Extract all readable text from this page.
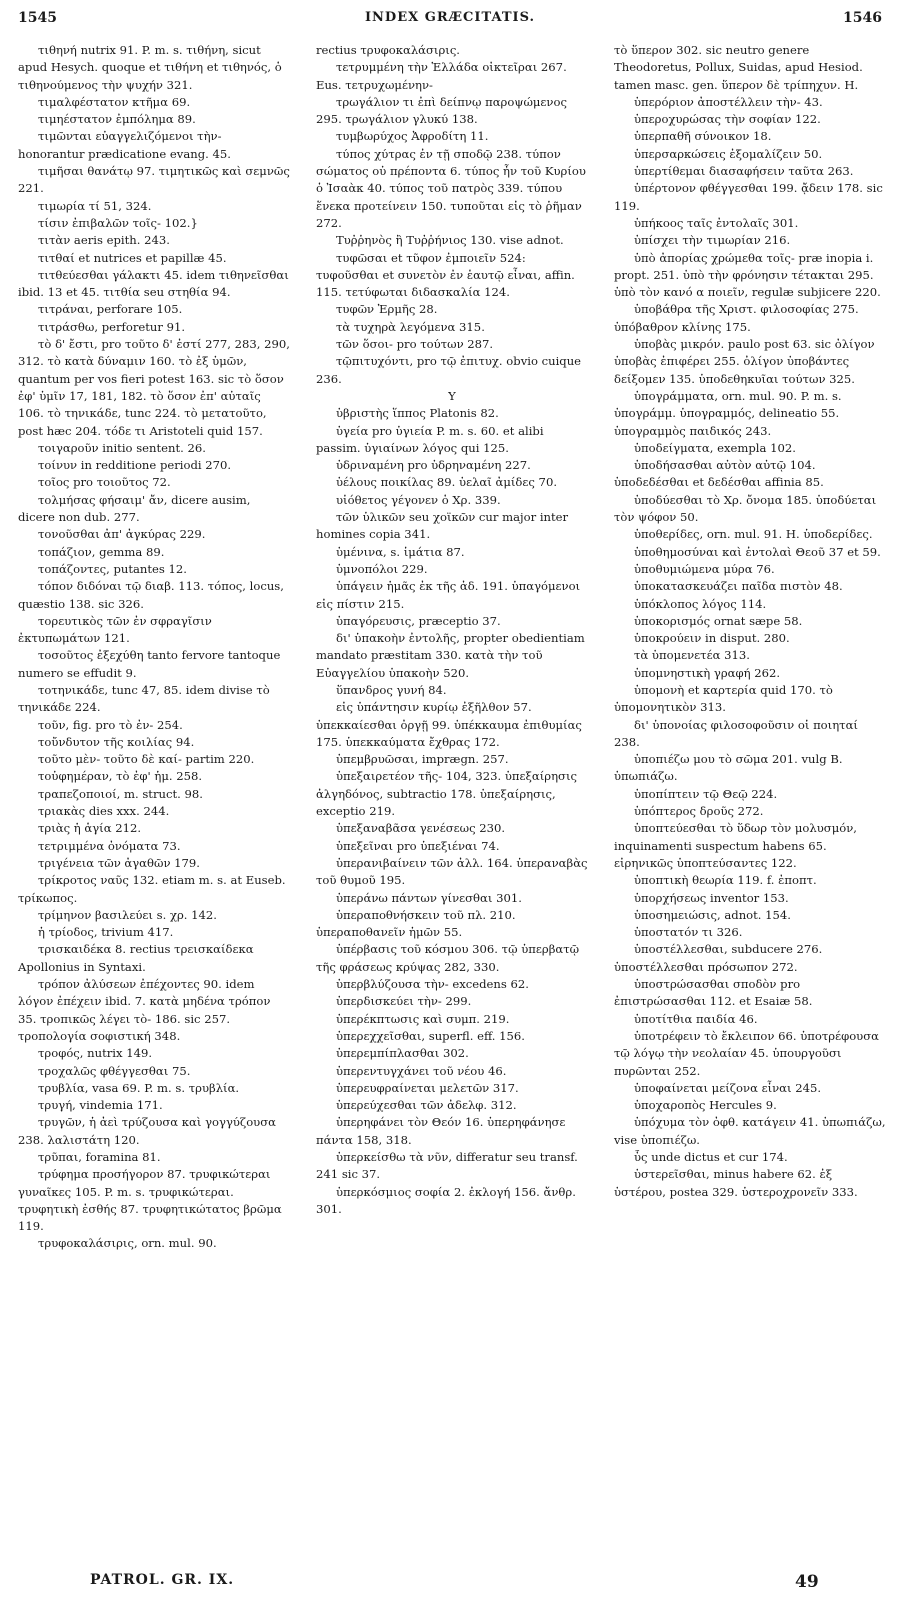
1545	INDEX GRÆCITATIS.	1546

τιθηνή nutrix 91. P. m. s. τιθήνη, sicut apud Hesych. quoque et τιθήνη et τιθηνός, ὁ τιθηνούμενος τὴν ψυχήν 321.

τιμαλφέστατον κτῆμα 69.

τιμηέστατον ἐμπόλημα 89.

τιμῶνται εὐαγγελιζόμενοι τὴν- honorantur prædicatione evang. 45.

τιμῆσαι θανάτῳ 97. τιμητικῶς καὶ σεμνῶς 221.

τιμωρία τί 51, 324.

τίσιν ἐπιβαλῶν τοῖς- 102.}

τιτὰν aeris epith. 243.

τιτθαί et nutrices et papillæ 45.

τιτθεύεσθαι γάλακτι 45. idem τιθηνεῖσθαι ibid. 13 et 45. τιτθία seu στηθία 94.

τιτράναι, perforare 105.

τιτράσθω, perforetur 91.

τὸ δ' ἔστι, pro τοῦτο δ' ἐστί 277, 283, 290, 312. τὸ κατὰ δύναμιν 160. τὸ ἐξ ὑμῶν, quantum per vos fieri potest 163. sic τὸ ὅσον ἐφ' ὑμῖν 17, 181, 182. τὸ ὅσον ἐπ' αὐταῖς 106. τὸ τηνικάδε, tunc 224. τὸ μετατοῦτο, post hæc 204. τόδε τι Aristoteli quid 157.

τοιγαροῦν initio sentent. 26.

τοίνυν in redditione periodi 270.

τοῖος pro τοιοῦτος 72.

τολμήσας φήσαιμ' ἄν, dicere ausim, dicere non dub. 277.

τονοῦσθαι ἀπ' ἀγκύρας 229.

τοπάζιον, gemma 89.

τοπάζοντες, putantes 12.

τόπον διδόναι τῷ διαβ. 113. τόπος, locus, quæstio 138. sic 326.

τορευτικὸς τῶν ἐν σφραγῖσιν ἐκτυπωμάτων 121.

τοσοῦτος ἐξεχύθη tanto fervore tantoque numero se effudit 9.

τοτηνικάδε, tunc 47, 85. idem divise τὸ τηνικάδε 224.

τοῦν, fig. pro τὸ ἐν- 254.

τοὔνδυτον τῆς κοιλίας 94.

τοῦτο μὲν- τοῦτο δὲ καί- partim 220.

τοὐφημέραν, τὸ ἐφ' ἡμ. 258.

τραπεζοποιοί, m. struct. 98.

τριακὰς dies xxx. 244.

τριὰς ἡ ἁγία 212.

τετριμμένα ὀνόματα 73.

τριγένεια τῶν ἀγαθῶν 179.

τρίκροτος ναῦς 132. etiam m. s. at Euseb. τρίκωπος.

τρίμηνον βασιλεύει s. χρ. 142.

ἡ τρίοδος, trivium 417.

τρισκαιδέκα 8. rectius τρεισκαίδεκα Apollonius in Syntaxi.

τρόπον ἀλύσεων ἐπέχοντες 90. idem λόγον ἐπέχειν ibid. 7. κατὰ μηδένα τρόπον 35. τροπικῶς λέγει τὸ- 186. sic 257. τροπολογία σοφιστική 348.

τροφός, nutrix 149.

τροχαλῶς φθέγγεσθαι 75.

τρυβλία, vasa 69. P. m. s. τρυβλία.

τρυγή, vindemia 171.

τρυγῶν, ἡ ἀεὶ τρύζουσα καὶ γογγύζουσα 238. λαλιστάτη 120.

τρῦπαι, foramina 81.

τρύφημα προσήγορον 87. τρυφικώτεραι γυναῖκες 105. P. m. s. τρυφικώτεραι. τρυφητικὴ ἐσθής 87. τρυφητικώτατος βρῶμα 119.

τρυφοκαλάσιρις, orn. mul. 90.

rectius τρυφοκαλάσιρις.

τετρυμμένη τὴν Ἑλλάδα οἰκτεῖραι 267. Eus. τετρυχωμένην-

τρωγάλιον τι ἐπὶ δείπνῳ παροψώμενος 295. τρωγάλιον γλυκύ 138.

τυμβωρύχος Ἀφροδίτη 11.

τύπος χύτρας ἐν τῇ σποδῷ 238. τύπον σώματος οὐ πρέποντα 6. τύπος ἦν τοῦ Κυρίου ὁ Ἰσαὰκ 40. τύπος τοῦ πατρὸς 339. τύπου ἕνεκα προτείνειν 150. τυποῦται εἰς τὸ ῥῆμαν 272.

Τυῤῥηνὸς ἢ Τυῤῥήνιος 130. vise adnot.

τυφῶσαι et τῦφον ἐμποιεῖν 524: τυφοῦσθαι et συνετὸν ἐν ἑαυτῷ εἶναι, affin. 115. τετύφωται διδασκαλία 124.

τυφῶν Ἑρμῆς 28.

τὰ τυχηρὰ λεγόμενα 315.

τῶν ὅσοι- pro τούτων 287.

τῷπιτυχόντι, pro τῷ ἐπιτυχ. obvio cuique 236.

Υ

ὑβριστὴς ἵππος Platonis 82.

ὑγεία pro ὑγιεία P. m. s. 60. et alibi passim. ὑγιαίνων λόγος qui 125.

ὑδριναμένη pro ὑδρηναμένη 227.

ὑέλους ποικίλας 89. ὑελαῖ ἀμίδες 70.

υἱόθετος γέγονεν ὁ Χρ. 339.

τῶν ὑλικῶν seu χοϊκῶν cur major inter homines copia 341.

ὑμένινα, s. ἱμάτια 87.

ὑμνοπόλοι 229.

ὑπάγειν ἡμᾶς ἐκ τῆς ἀδ. 191. ὑπαγόμενοι εἰς πίστιν 215.

ὑπαγόρευσις, præceptio 37.

δι' ὑπακοὴν ἐντολῆς, propter obedientiam mandato præstitam 330. κατὰ τὴν τοῦ Εὐαγγελίου ὑπακοὴν 520.

ὕπανδρος γυνή 84.

εἰς ὑπάντησιν κυρίῳ ἐξῆλθον 57. ὑπεκκαίεσθαι ὀργῇ 99. ὑπέκκαυμα ἐπιθυμίας 175. ὑπεκκαύματα ἔχθρας 172.

ὑπεμβρυῶσαι, imprægn. 257.

ὑπεξαιρετέον τῆς- 104, 323. ὑπεξαίρησις ἀλγηδόνος, subtractio 178. ὑπεξαίρησις, exceptio 219.

ὑπεξαναβᾶσα γενέσεως 230.

ὑπεξεῖναι pro ὑπεξιέναι 74.

ὑπερανιβαίνειν τῶν ἀλλ. 164. ὑπεραναβὰς τοῦ θυμοῦ 195.

ὑπεράνω πάντων γίνεσθαι 301.

ὑπεραποθνήσκειν τοῦ πλ. 210. ὑπεραποθανεῖν ἡμῶν 55.

ὑπέρβασις τοῦ κόσμου 306. τῷ ὑπερβατῷ τῆς φράσεως κρύψας 282, 330.

ὑπερβλύζουσα τὴν- excedens 62.

ὑπερδισκεύει τὴν- 299.

ὑπερέκπτωσις καὶ συμπ. 219.

ὑπερεχχεῖσθαι, superfl. eff. 156.

ὑπερεμπίπλασθαι 302.

ὑπερεντυγχάνει τοῦ νέου 46.

ὑπερευφραίνεται μελετῶν 317.

ὑπερεύχεσθαι τῶν ἀδελφ. 312.

ὑπερηφάνει τὸν Θεόν 16. ὑπερηφάνησε πάντα 158, 318.

ὑπερκείσθω τὰ νῦν, differatur seu transf. 241 sic 37.

ὑπερκόσμιος σοφία 2. ἐκλογή 156. ἄνθρ. 301.

τὸ ὕπερον 302. sic neutro genere Theodoretus, Pollux, Suidas, apud Hesiod. tamen masc. gen. ὕπερον δὲ τρίπηχυν. H.

ὑπερόριον ἀποστέλλειν τὴν- 43.

ὑπεροχυρώσας τὴν σοφίαν 122.

ὑπερπαθῆ σύνοικον 18.

ὑπερσαρκώσεις ἐξομαλίζειν 50.

ὑπερτίθεμαι διασαφήσειν ταῦτα 263.

ὑπέρτονον φθέγγεσθαι 199. ᾄδειν 178. sic 119.

ὑπήκοος ταῖς ἐντολαῖς 301.

ὑπίσχει τὴν τιμωρίαν 216.

ὑπὸ ἀπορίας χρώμεθα τοῖς- præ inopia i. propt. 251. ὑπὸ τὴν φρόνησιν τέτακται 295. ὑπὸ τὸν κανό α ποιεῖν, regulæ subjicere 220.

ὑποβάθρα τῆς Χριστ. φιλοσοφίας 275. ὑπόβαθρον κλίνης 175.

ὑποβὰς μικρόν. paulo post 63. sic ὀλίγον ὑποβὰς ἐπιφέρει 255. ὀλίγον ὑποβάντες δείξομεν 135. ὑποδεθηκυῖαι τούτων 325.

ὑπογράμματα, orn. mul. 90. P. m. s. ὑπογράμμ. ὑπογραμμός, delineatio 55. ὑπογραμμὸς παιδικός 243.

ὑποδείγματα, exempla 102.

ὑποδήσασθαι αὐτὸν αὐτῷ 104. ὑποδεδέσθαι et δεδέσθαι affinia 85.

ὑποδύεσθαι τὸ Χρ. ὄνομα 185. ὑποδύεται τὸν ψόφον 50.

ὑποθερίδες, orn. mul. 91. H. ὑποδερίδες.

ὑποθημοσύναι καὶ ἐντολαὶ Θεοῦ 37 et 59.

ὑποθυμιώμενα μύρα 76.

ὑποκατασκευάζει παῖδα πιστὸν 48.

ὑπόκλοπος λόγος 114.

ὑποκορισμός ornat sæpe 58.

ὑποκρούειν in disput. 280.

τὰ ὑπομενετέα 313.

ὑπομνηστικὴ γραφή 262.

ὑπομονὴ et καρτερία quid 170. τὸ ὑπομονητικὸν 313.

δι' ὑπονοίας φιλοσοφοῦσιν οἱ ποιηταί 238.

ὑποπιέζω μου τὸ σῶμα 201. vulg B. ὑπωπιάζω.

ὑποπίπτειν τῷ Θεῷ 224.

ὑπόπτερος δροῦς 272.

ὑποπτεύεσθαι τὸ ὕδωρ τὸν μολυσμόν, inquinamenti suspectum habens 65. εἰρηνικῶς ὑποπτεύσαντες 122.

ὑποπτικὴ θεωρία 119. f. ἐποπτ.

ὑπορχήσεως inventor 153.

ὑποσημειώσις, adnot. 154.

ὑποστατόν τι 326.

ὑποστέλλεσθαι, subducere 276. ὑποστέλλεσθαι πρόσωπον 272.

ὑποστρώσασθαι σποδὸν pro ἐπιστρώσασθαι 112. et Esaiæ 58.

ὑποτίτθια παιδία 46.

ὑποτρέφειν τὸ ἔκλειπον 66. ὑποτρέφουσα τῷ λόγῳ τὴν νεολαίαν 45. ὑπουργοῦσι πυρῶνται 252.

ὑποφαίνεται μείζονα εἶναι 245.

ὑποχαροπὸς Hercules 9.

ὑπόχυμα τὸν ὀφθ. κατάγειν 41. ὑπωπιάζω, vise ὑποπιέζω.

ὗς unde dictus et cur 174.

ὑστερεῖσθαι, minus habere 62. ἐξ ὑστέρου, postea 329. ὑστεροχρονεῖν 333.

PATROL. GR. IX.	49
